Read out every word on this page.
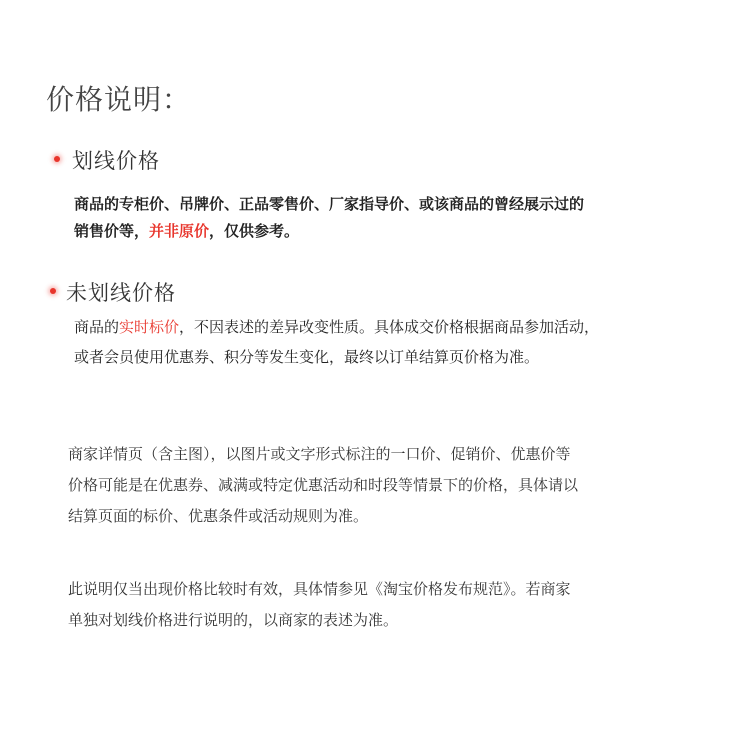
价格说明：
划线价格
商品的专柜价、吊牌价、正品零售价、厂家指导价、或该商品的曾经展示过的
销售价等，并非原价，仅供参考。
未划线价格
商品的实时标价，不因表述的差异改变性质。具体成交价格根据商品参加活动，
或者会员使用优惠券、积分等发生变化，最终以订单结算页价格为准。
商家详情页（含主图），以图片或文字形式标注的一口价、促销价、优惠价等
价格可能是在优惠券、减满或特定优惠活动和时段等情景下的价格，具体请以
结算页面的标价、优惠条件或活动规则为准。
此说明仅当出现价格比较时有效，具体情参见《淘宝价格发布规范》。若商家
单独对划线价格进行说明的，以商家的表述为准。
